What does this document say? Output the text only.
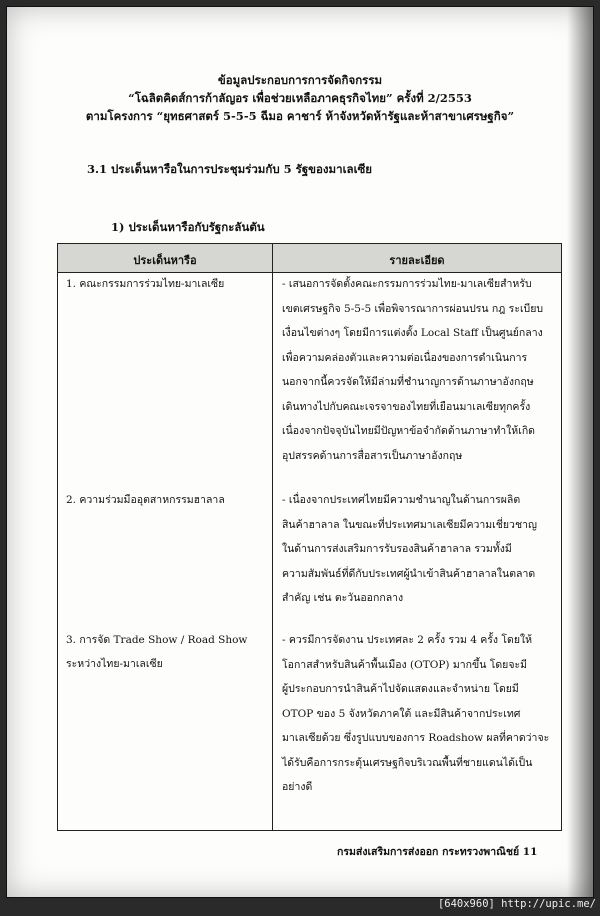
ข้อมูลประกอบการการจัดกิจกรรม
“โฉลิตคิดส์การก้าลัญอร เพื่อช่วยเหลือภาคธุรกิจไทย” ครั้งที่ 2/2553
ตามโครงการ “ยุทธศาสตร์ 5-5-5 ฉีมอ คาชาร์ ห้าจังหวัดห้ารัฐและห้าสาขาเศรษฐกิจ”
3.1 ประเด็นหารือในการประชุมร่วมกับ 5 รัฐของมาเลเซีย
1) ประเด็นหารือกับรัฐกะลันตัน
ประเด็นหารือ	รายละเอียด
1. คณะกรรมการร่วมไทย-มาเลเซีย	- เสนอการจัดตั้งคณะกรรมการร่วมไทย-มาเลเซียสำหรับ
เขตเศรษฐกิจ 5-5-5 เพื่อพิจารณาการผ่อนปรน กฎ ระเบียบ
เงื่อนไขต่างๆ โดยมีการแต่งตั้ง Local Staff เป็นศูนย์กลาง
เพื่อความคล่องตัวและความต่อเนื่องของการดำเนินการ
นอกจากนี้ควรจัดให้มีล่ามที่ชำนาญการด้านภาษาอังกฤษ
เดินทางไปกับคณะเจรจาของไทยที่เยือนมาเลเซียทุกครั้ง
เนื่องจากปัจจุบันไทยมีปัญหาข้อจำกัดด้านภาษาทำให้เกิด
อุปสรรคด้านการสื่อสารเป็นภาษาอังกฤษ
2. ความร่วมมืออุตสาหกรรมฮาลาล	- เนื่องจากประเทศไทยมีความชำนาญในด้านการผลิต
สินค้าฮาลาล ในขณะที่ประเทศมาเลเซียมีความเชี่ยวชาญ
ในด้านการส่งเสริมการรับรองสินค้าฮาลาล รวมทั้งมี
ความสัมพันธ์ที่ดีกับประเทศผู้นำเข้าสินค้าฮาลาลในตลาด
สำคัญ เช่น ตะวันออกกลาง
3. การจัด Trade Show / Road Show
ระหว่างไทย-มาเลเซีย
- ควรมีการจัดงาน ประเทศละ 2 ครั้ง รวม 4 ครั้ง โดยให้
โอกาสสำหรับสินค้าพื้นเมือง (OTOP) มากขึ้น โดยจะมี
ผู้ประกอบการนำสินค้าไปจัดแสดงและจำหน่าย โดยมี
OTOP ของ 5 จังหวัดภาคใต้ และมีสินค้าจากประเทศ
มาเลเซียด้วย ซึ่งรูปแบบของการ Roadshow ผลที่คาดว่าจะ
ได้รับคือการกระตุ้นเศรษฐกิจบริเวณพื้นที่ชายแดนได้เป็น
อย่างดี
กรมส่งเสริมการส่งออก กระทรวงพาณิชย์ 11
[640x960] http://upic.me/
